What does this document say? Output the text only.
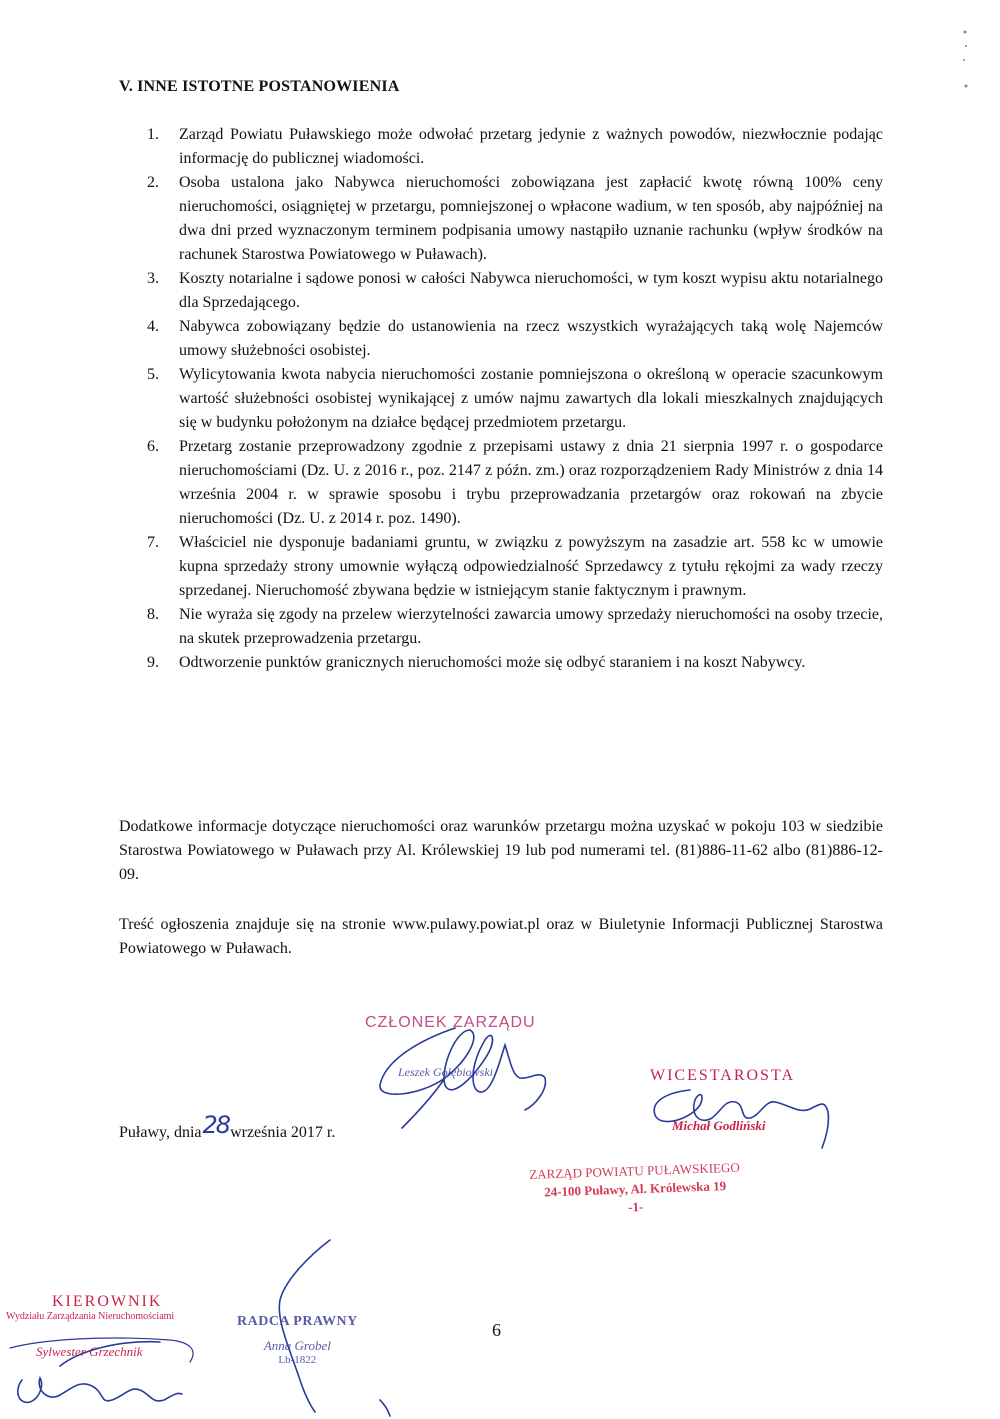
V. INNE ISTOTNE POSTANOWIENIA
1. Zarząd Powiatu Puławskiego może odwołać przetarg jedynie z ważnych powodów, niezwłocznie podając informację do publicznej wiadomości.
2. Osoba ustalona jako Nabywca nieruchomości zobowiązana jest zapłacić kwotę równą 100% ceny nieruchomości, osiągniętej w przetargu, pomniejszonej o wpłacone wadium, w ten sposób, aby najpóźniej na dwa dni przed wyznaczonym terminem podpisania umowy nastąpiło uznanie rachunku (wpływ środków na rachunek Starostwa Powiatowego w Puławach).
3. Koszty notarialne i sądowe ponosi w całości Nabywca nieruchomości, w tym koszt wypisu aktu notarialnego dla Sprzedającego.
4. Nabywca zobowiązany będzie do ustanowienia na rzecz wszystkich wyrażających taką wolę Najemców umowy służebności osobistej.
5. Wylicytowania kwota nabycia nieruchomości zostanie pomniejszona o określoną w operacie szacunkowym wartość służebności osobistej wynikającej z umów najmu zawartych dla lokali mieszkalnych znajdujących się w budynku położonym na działce będącej przedmiotem przetargu.
6. Przetarg zostanie przeprowadzony zgodnie z przepisami ustawy z dnia 21 sierpnia 1997 r. o gospodarce nieruchomościami (Dz. U. z 2016 r., poz. 2147 z późn. zm.) oraz rozporządzeniem Rady Ministrów z dnia 14 września 2004 r. w sprawie sposobu i trybu przeprowadzania przetargów oraz rokowań na zbycie nieruchomości (Dz. U. z 2014 r. poz. 1490).
7. Właściciel nie dysponuje badaniami gruntu, w związku z powyższym na zasadzie art. 558 kc w umowie kupna sprzedaży strony umownie wyłączą odpowiedzialność Sprzedawcy z tytułu rękojmi za wady rzeczy sprzedanej. Nieruchomość zbywana będzie w istniejącym stanie faktycznym i prawnym.
8. Nie wyraża się zgody na przelew wierzytelności zawarcia umowy sprzedaży nieruchomości na osoby trzecie, na skutek przeprowadzenia przetargu.
9. Odtworzenie punktów granicznych nieruchomości może się odbyć staraniem i na koszt Nabywcy.

Dodatkowe informacje dotyczące nieruchomości oraz warunków przetargu można uzyskać w pokoju 103 w siedzibie Starostwa Powiatowego w Puławach przy Al. Królewskiej 19 lub pod numerami tel. (81)886-11-62 albo (81)886-12-09.

Treść ogłoszenia znajduje się na stronie www.pulawy.powiat.pl oraz w Biuletynie Informacji Publicznej Starostwa Powiatowego w Puławach.

Puławy, dnia28września 2017 r.
CZŁONEK ZARZĄDU
Leszek Gołębiowski	WICESTAROSTA
Michał Godliński
ZARZĄD POWIATU PUŁAWSKIEGO
24-100 Puławy, Al. Królewska 19
-1-
KIEROWNIK
Wydziału Zarządzania Nieruchomościami
Sylwester Grzechnik
RADCA PRAWNY
Anna Grobel
Lb-1822
6
